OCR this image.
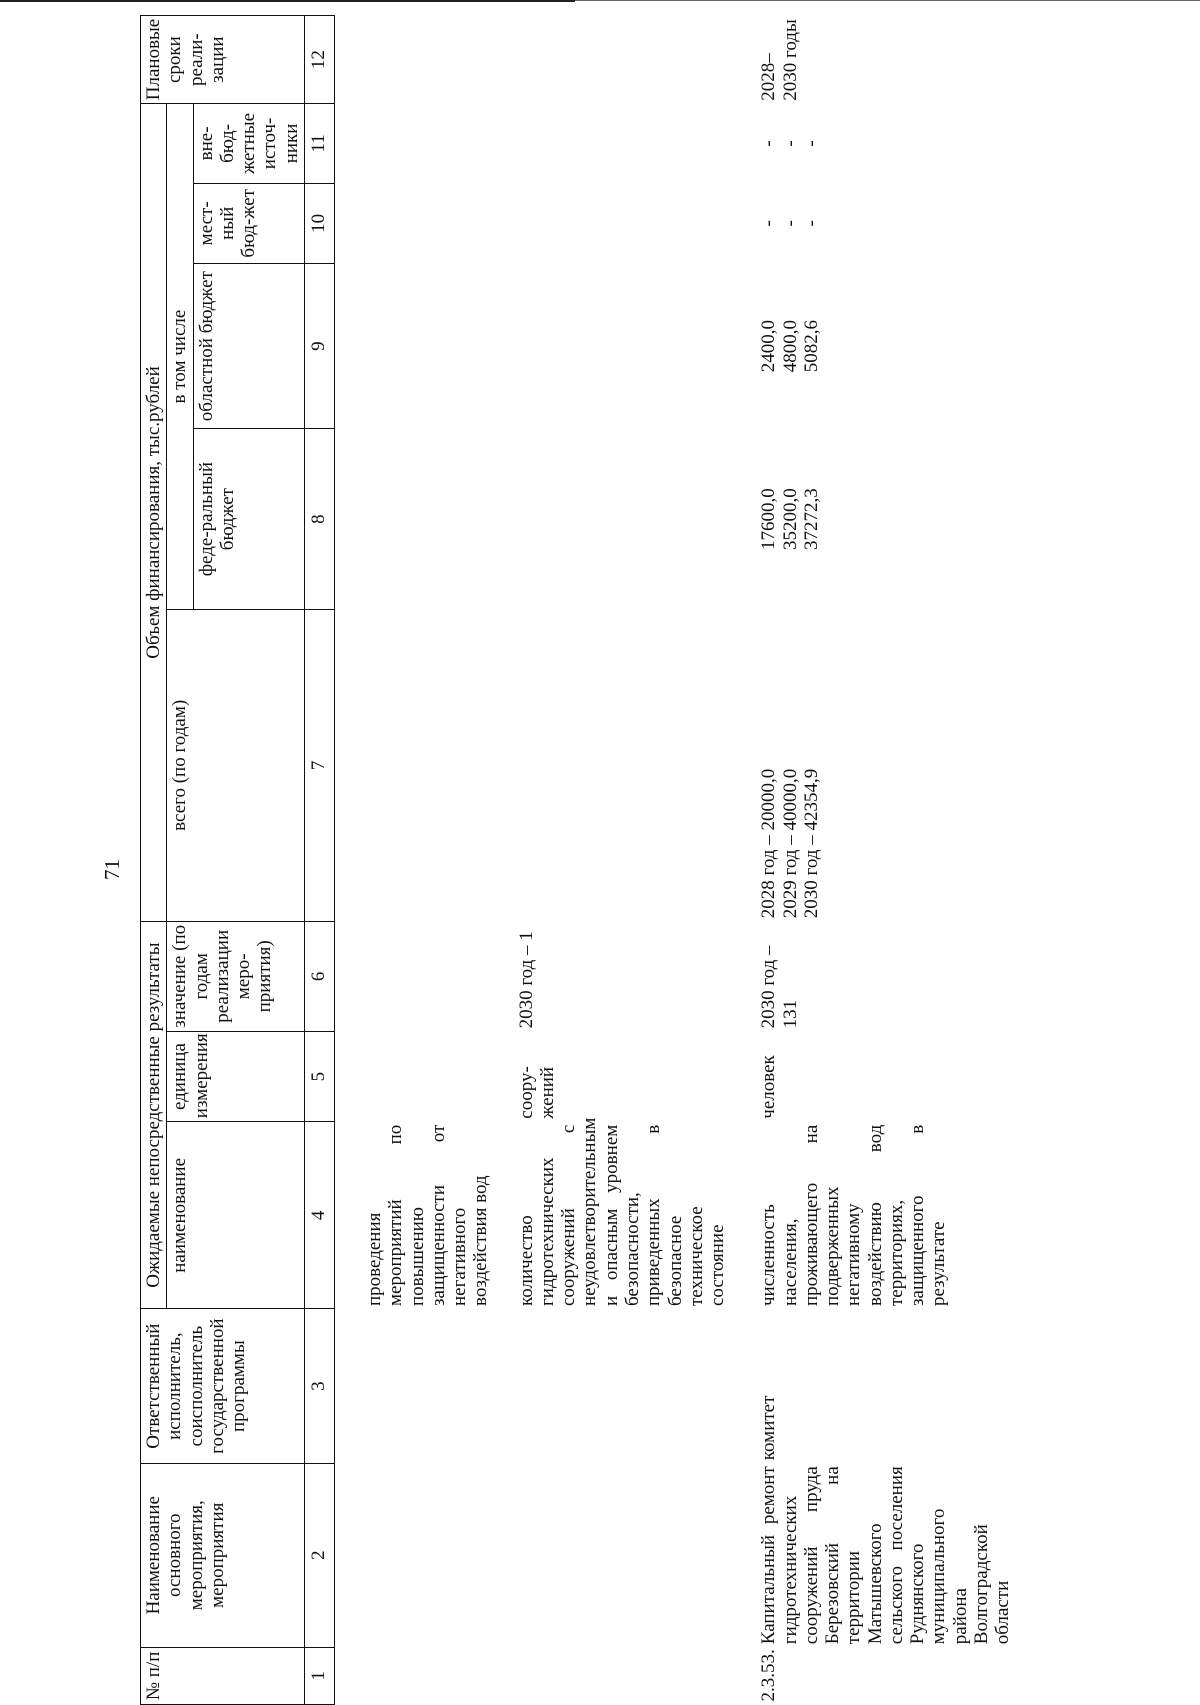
71
№ п/п	Наименование основного мероприятия, мероприятия	Ответственный исполнитель, соисполнитель государственной программы	Ожидаемые непосредственные результаты			Объем финансирования, тыс.рублей					Плановые сроки реали-зации
			наименование	единица измерения	значение (по годам реализации меро-приятия)	всего (по годам)	в том числе				
							феде-ральный бюджет	областной бюджет	мест-ный бюд-жет	вне-бюд-жетные источ-ники	
1	2	3	4	5	6	7	8	9	10	11	12

			проведения мероприятий по повышению защищенности от негативного воздействия вод								

			количество гидротехнических сооружений с неудовлетворительным и опасным уровнем безопасности, приведенных в безопасное техническое состояние	соору-жений	2030 год – 1						

2.3.53.	Капитальный ремонт гидротехнических сооружений пруда Березовский на территории Матышевского сельского поселения Руднянского муниципального района Волгоградской области	комитет	численность населения, проживающего на подверженных негативному воздействию вод территориях, защищенного в результате	человек	2030 год – 131	2028 год – 20000,0 2029 год – 40000,0 2030 год – 42354,9	17600,0 35200,0 37272,3	2400,0 4800,0 5082,6	- - -	- - -	2028– 2030 годы
